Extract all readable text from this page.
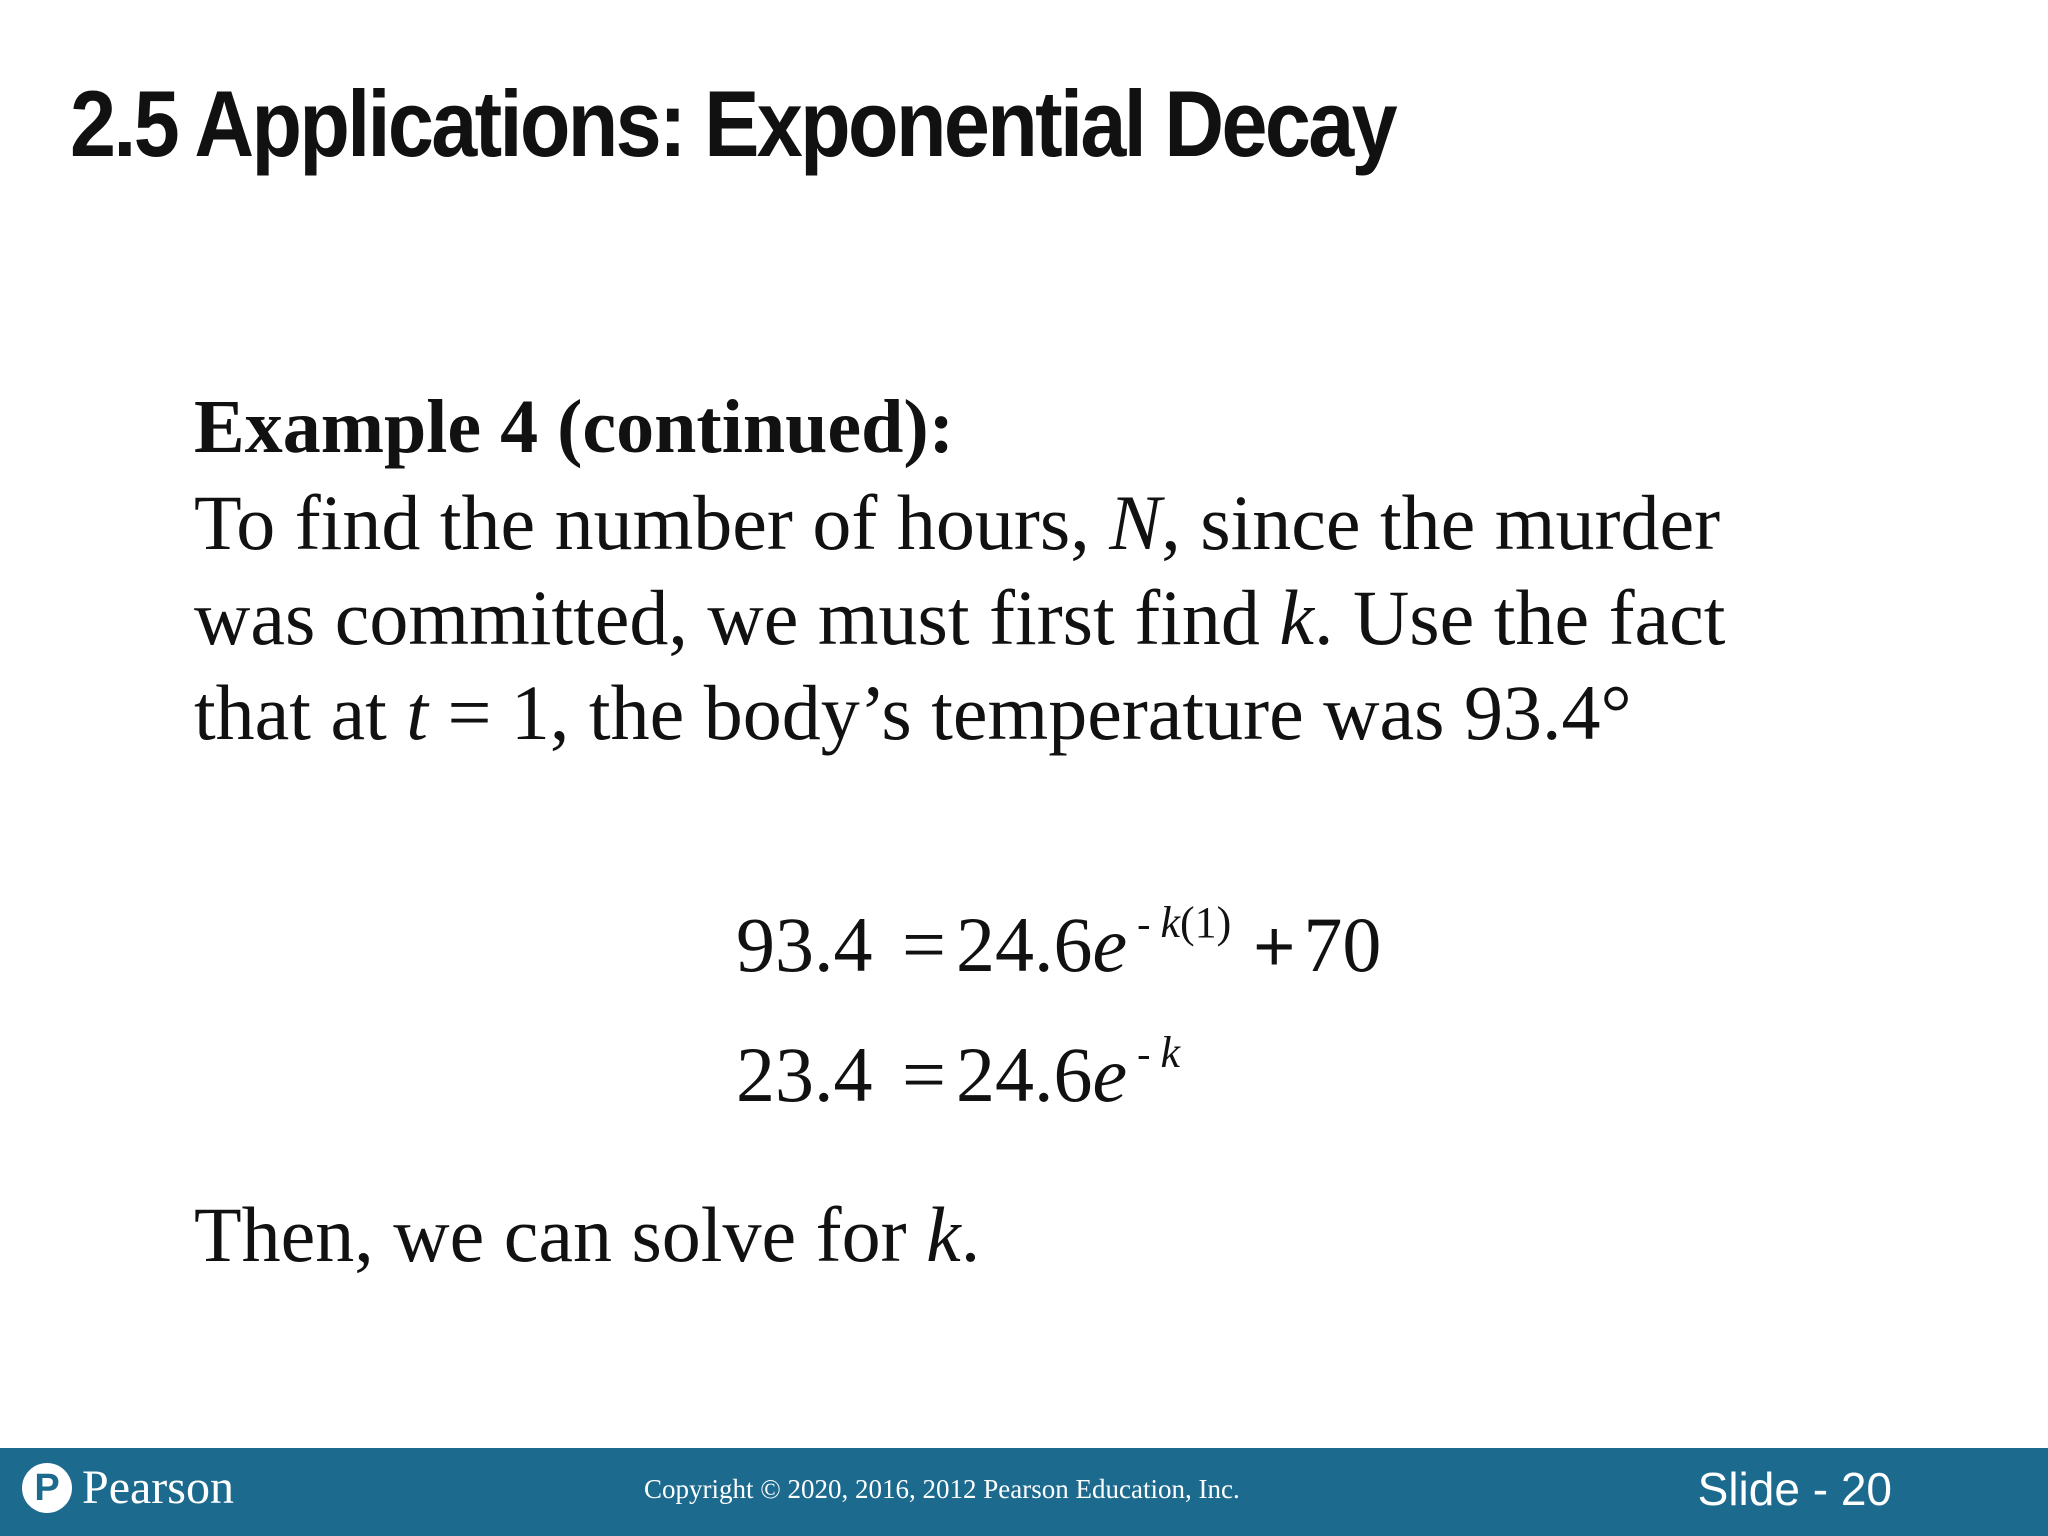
2.5 Applications: Exponential Decay
Example 4 (continued):
To find the number of hours, N, since the murder
was committed, we must first find k. Use the fact
that at t = 1, the body’s temperature was 93.4°
93.4 = 24.6e $^{- k(1)}$ + 70
23.4 = 24.6e $^{- k}$
Then, we can solve for k.
P Pearson	Copyright © 2020, 2016, 2012 Pearson Education, Inc.	Slide - 20
